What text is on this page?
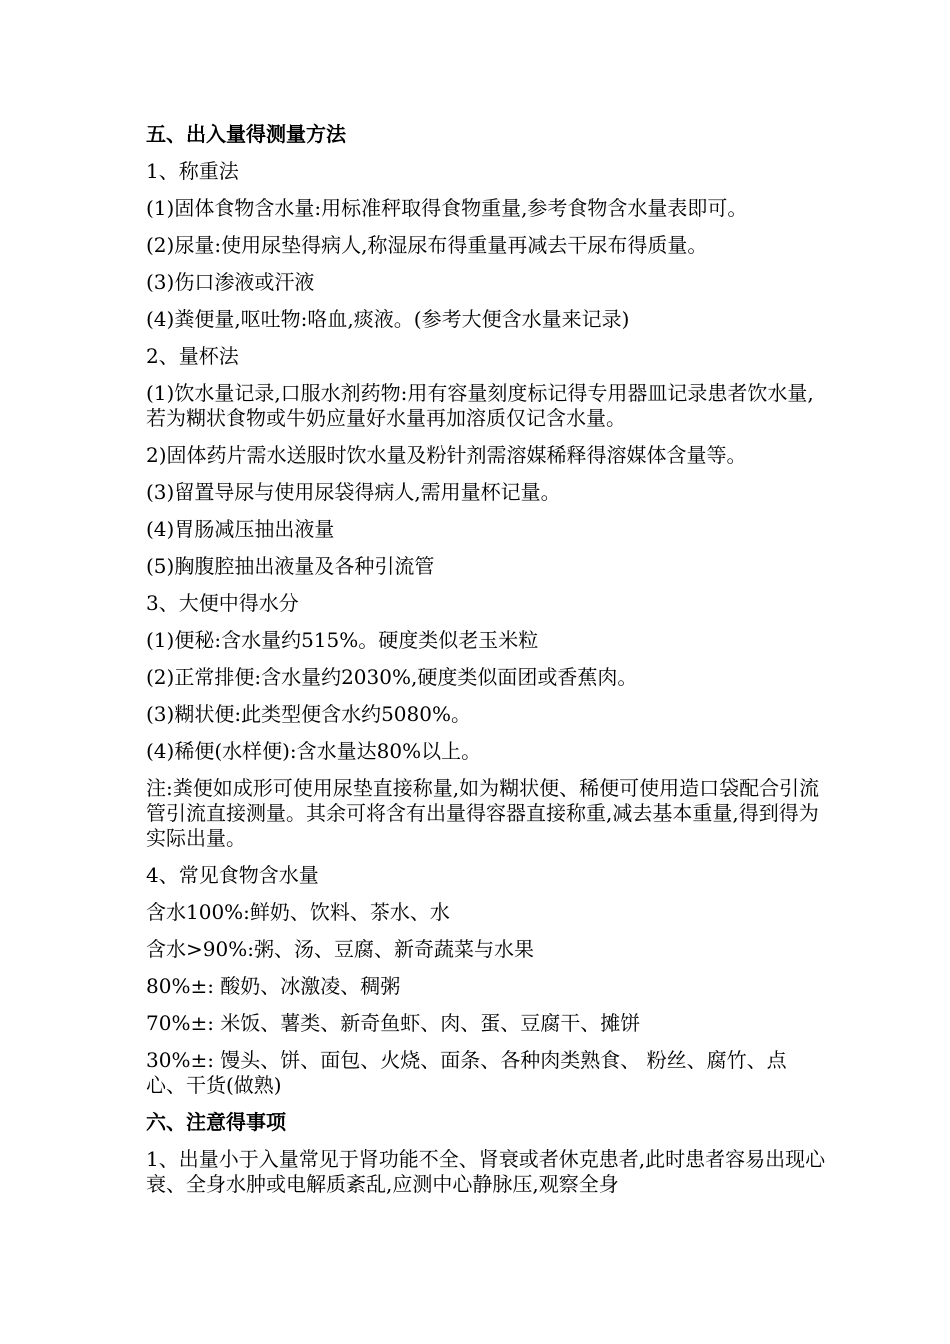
五、出入量得测量方法

1、称重法

(1)固体食物含水量:用标准秤取得食物重量,参考食物含水量表即可。

(2)尿量:使用尿垫得病人,称湿尿布得重量再减去干尿布得质量。

(3)伤口渗液或汗液

(4)粪便量,呕吐物:咯血,痰液。(参考大便含水量来记录)

2、量杯法

(1)饮水量记录,口服水剂药物:用有容量刻度标记得专用器皿记录患者饮水量,若为糊状食物或牛奶应量好水量再加溶质仅记含水量。

2)固体药片需水送服时饮水量及粉针剂需溶媒稀释得溶媒体含量等。

(3)留置导尿与使用尿袋得病人,需用量杯记量。

(4)胃肠减压抽出液量

(5)胸腹腔抽出液量及各种引流管

3、大便中得水分

(1)便秘:含水量约515%。硬度类似老玉米粒

(2)正常排便:含水量约2030%,硬度类似面团或香蕉肉。

(3)糊状便:此类型便含水约5080%。

(4)稀便(水样便):含水量达80%以上。

注:粪便如成形可使用尿垫直接称量,如为糊状便、稀便可使用造口袋配合引流管引流直接测量。其余可将含有出量得容器直接称重,减去基本重量,得到得为实际出量。

4、常见食物含水量

含水100%:鲜奶、饮料、茶水、水

含水>90%:粥、汤、豆腐、新奇蔬菜与水果

80%±: 酸奶、冰激凌、稠粥

70%±: 米饭、薯类、新奇鱼虾、肉、蛋、豆腐干、摊饼

30%±: 馒头、饼、面包、火烧、面条、各种肉类熟食、 粉丝、腐竹、点心、干货(做熟)

六、注意得事项

1、出量小于入量常见于肾功能不全、肾衰或者休克患者,此时患者容易出现心衰、全身水肿或电解质紊乱,应测中心静脉压,观察全身
